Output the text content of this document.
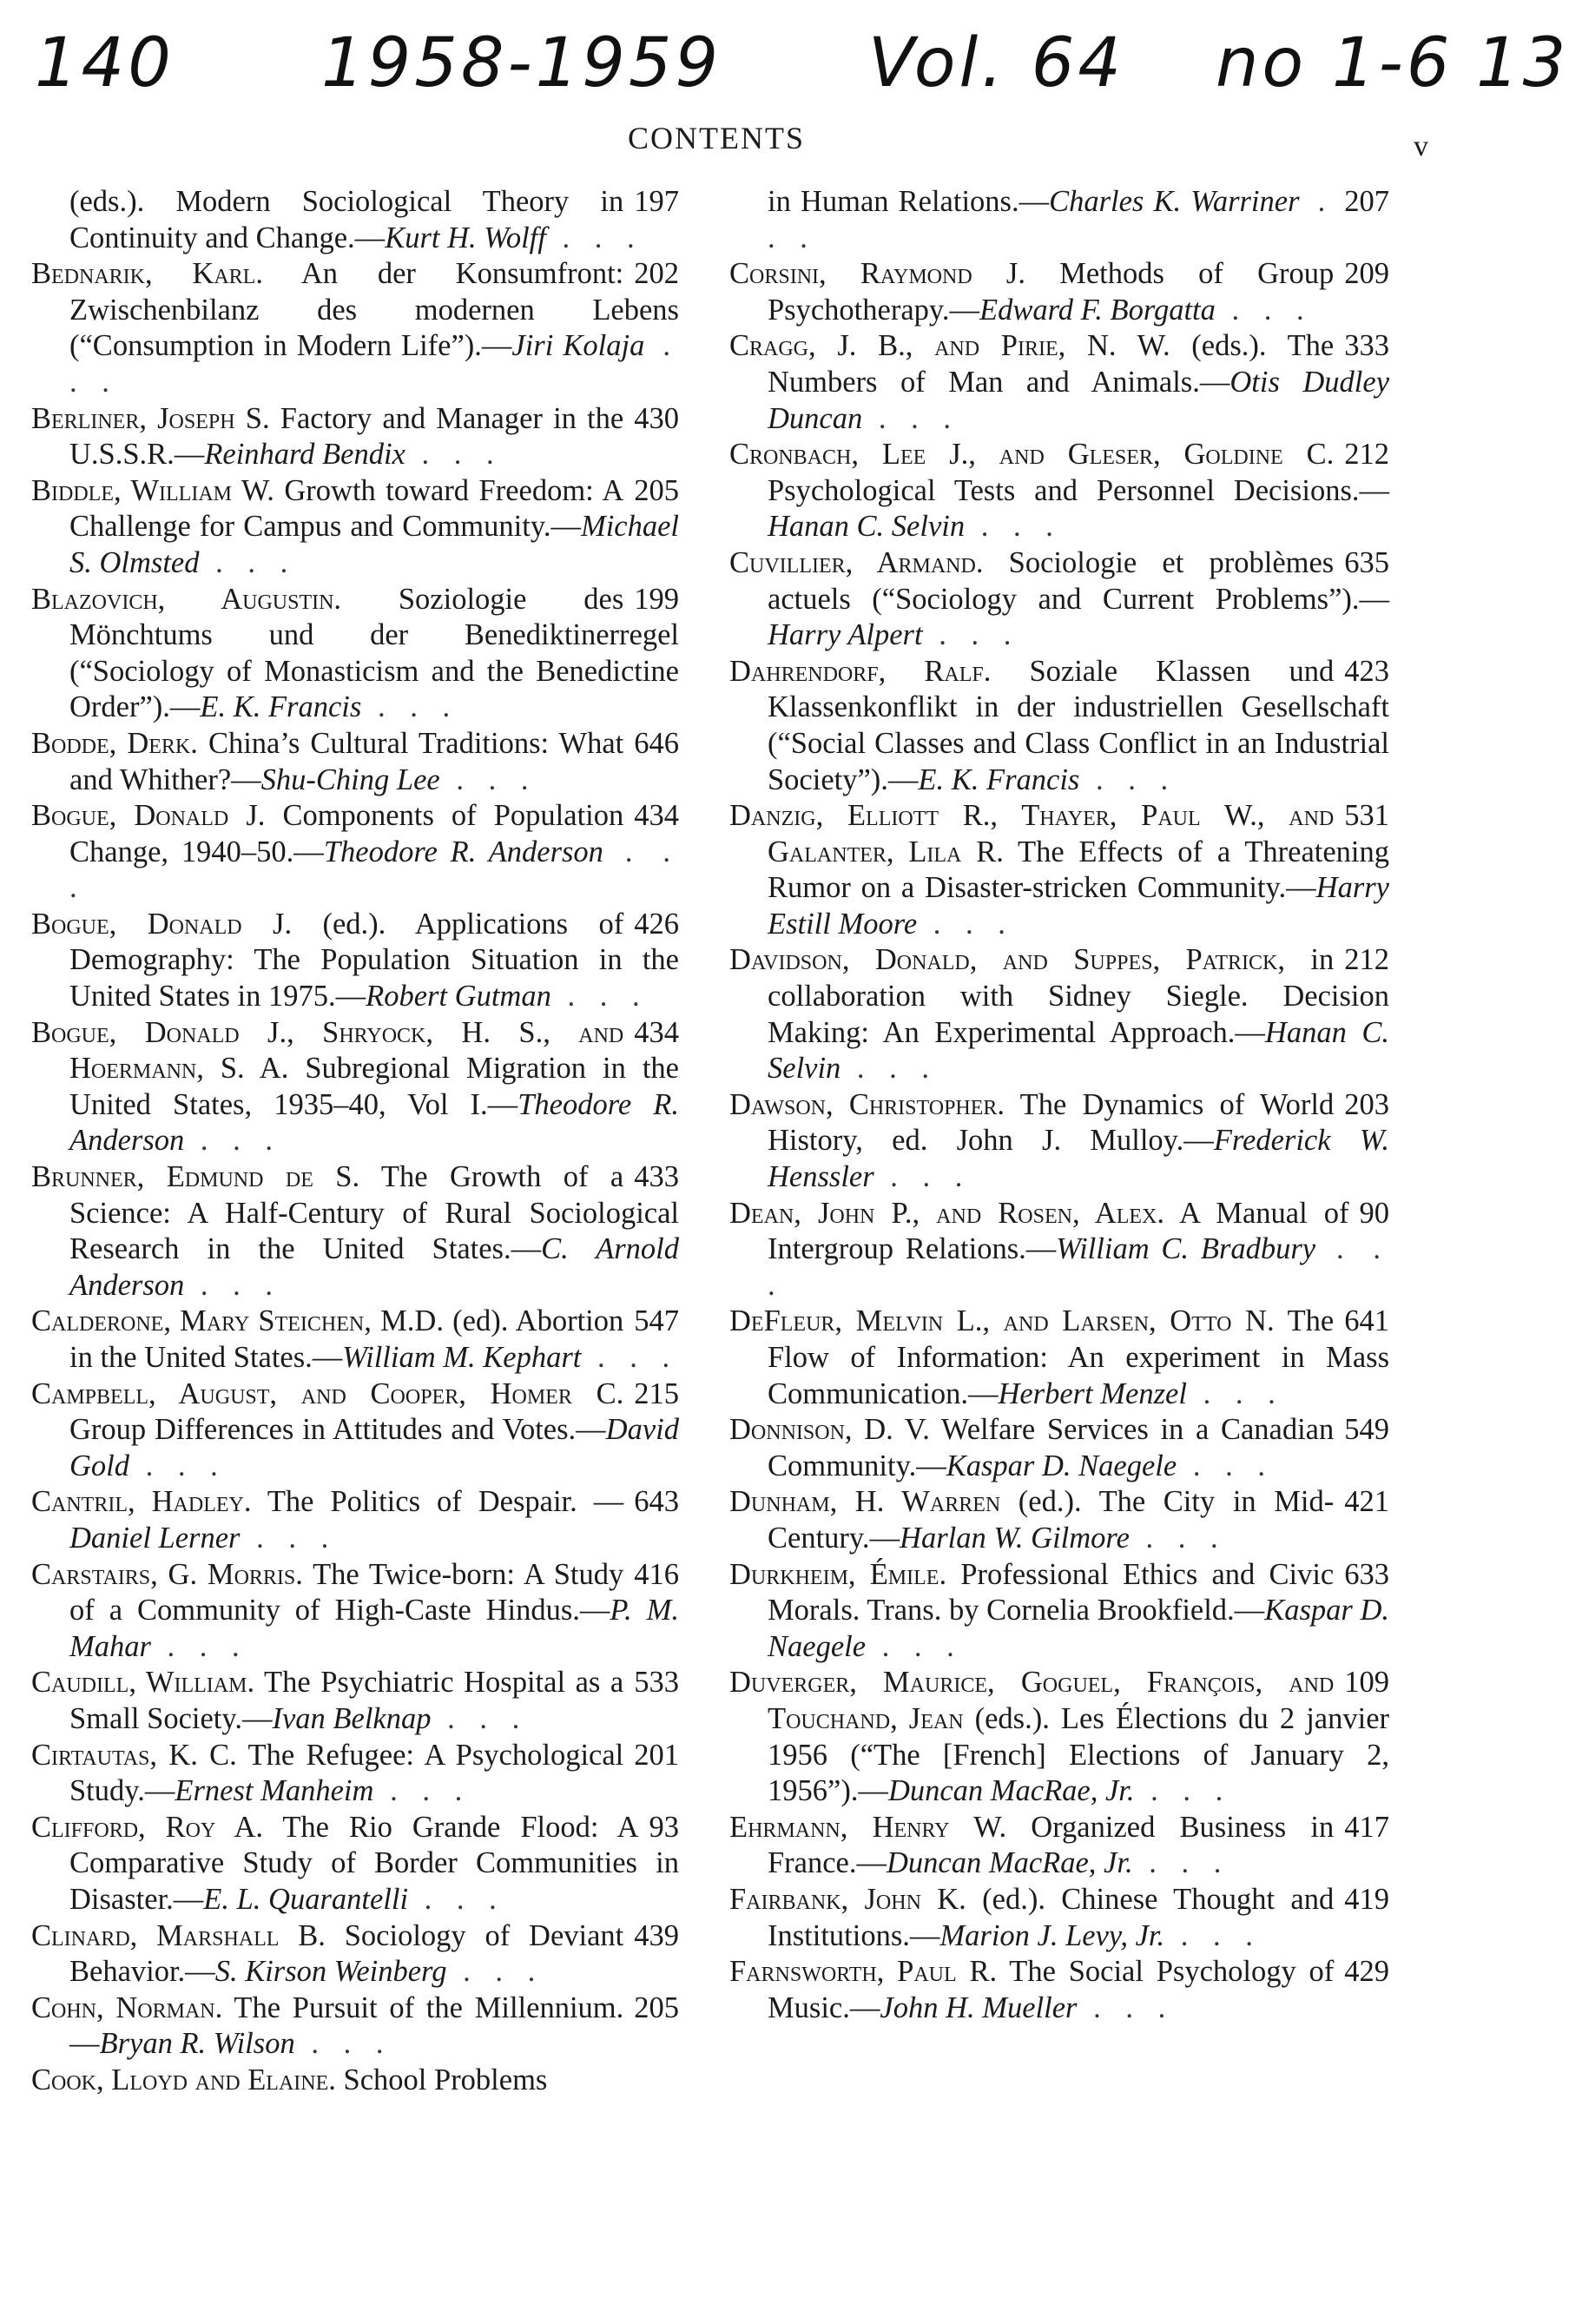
140 1958-1959 Vol. 64 no 1-6 13
CONTENTS	v
197
(eds.). Modern Sociological Theory in Continuity and Change.—Kurt H. Wolff . . .
202
Bednarik, Karl. An der Konsumfront: Zwischenbilanz des modernen Lebens (“Consumption in Modern Life”).—Jiri Kolaja . . .
430
Berliner, Joseph S. Factory and Manager in the U.S.S.R.—Reinhard Bendix . . .
205
Biddle, William W. Growth toward Freedom: A Challenge for Campus and Community.—Michael S. Olmsted . . .
199
Blazovich, Augustin. Soziologie des Mönchtums und der Benediktinerregel (“Sociology of Monasticism and the Benedictine Order”).—E. K. Francis . . .
646
Bodde, Derk. China’s Cultural Traditions: What and Whither?—Shu-Ching Lee . . .
434
Bogue, Donald J. Components of Population Change, 1940–50.—Theodore R. Anderson . . .
426
Bogue, Donald J. (ed.). Applications of Demography: The Population Situation in the United States in 1975.—Robert Gutman . . .
434
Bogue, Donald J., Shryock, H. S., and Hoermann, S. A. Subregional Migration in the United States, 1935–40, Vol I.—Theodore R. Anderson . . .
433
Brunner, Edmund de S. The Growth of a Science: A Half-Century of Rural Sociological Research in the United States.—C. Arnold Anderson . . .
547
Calderone, Mary Steichen, M.D. (ed). Abortion in the United States.—William M. Kephart . . .
215
Campbell, August, and Cooper, Homer C. Group Differences in Attitudes and Votes.—David Gold . . .
643
Cantril, Hadley. The Politics of Despair. —Daniel Lerner . . .
416
Carstairs, G. Morris. The Twice-born: A Study of a Community of High-Caste Hindus.—P. M. Mahar . . .
533
Caudill, William. The Psychiatric Hospital as a Small Society.—Ivan Belknap . . .
201
Cirtautas, K. C. The Refugee: A Psychological Study.—Ernest Manheim . . .
93
Clifford, Roy A. The Rio Grande Flood: A Comparative Study of Border Communities in Disaster.—E. L. Quarantelli . . .
439
Clinard, Marshall B. Sociology of Deviant Behavior.—S. Kirson Weinberg . . .
205
Cohn, Norman. The Pursuit of the Millennium.—Bryan R. Wilson . . .
Cook, Lloyd and Elaine. School Problems
207
in Human Relations.—Charles K. Warriner . . .
209
Corsini, Raymond J. Methods of Group Psychotherapy.—Edward F. Borgatta . . .
333
Cragg, J. B., and Pirie, N. W. (eds.). The Numbers of Man and Animals.—Otis Dudley Duncan . . .
212
Cronbach, Lee J., and Gleser, Goldine C. Psychological Tests and Personnel Decisions.—Hanan C. Selvin . . .
635
Cuvillier, Armand. Sociologie et problèmes actuels (“Sociology and Current Problems”).—Harry Alpert . . .
423
Dahrendorf, Ralf. Soziale Klassen und Klassenkonflikt in der industriellen Gesellschaft (“Social Classes and Class Conflict in an Industrial Society”).—E. K. Francis . . .
531
Danzig, Elliott R., Thayer, Paul W., and Galanter, Lila R. The Effects of a Threatening Rumor on a Disaster-stricken Community.—Harry Estill Moore . . .
212
Davidson, Donald, and Suppes, Patrick, in collaboration with Sidney Siegle. Decision Making: An Experimental Approach.—Hanan C. Selvin . . .
203
Dawson, Christopher. The Dynamics of World History, ed. John J. Mulloy.—Frederick W. Henssler . . .
90
Dean, John P., and Rosen, Alex. A Manual of Intergroup Relations.—William C. Bradbury . . .
641
DeFleur, Melvin L., and Larsen, Otto N. The Flow of Information: An experiment in Mass Communication.—Herbert Menzel . . .
549
Donnison, D. V. Welfare Services in a Canadian Community.—Kaspar D. Naegele . . .
421
Dunham, H. Warren (ed.). The City in Mid-Century.—Harlan W. Gilmore . . .
633
Durkheim, Émile. Professional Ethics and Civic Morals. Trans. by Cornelia Brookfield.—Kaspar D. Naegele . . .
109
Duverger, Maurice, Goguel, François, and Touchand, Jean (eds.). Les Élections du 2 janvier 1956 (“The [French] Elections of January 2, 1956”).—Duncan MacRae, Jr. . . .
417
Ehrmann, Henry W. Organized Business in France.—Duncan MacRae, Jr. . . .
419
Fairbank, John K. (ed.). Chinese Thought and Institutions.—Marion J. Levy, Jr. . . .
429
Farnsworth, Paul R. The Social Psychology of Music.—John H. Mueller . . .
